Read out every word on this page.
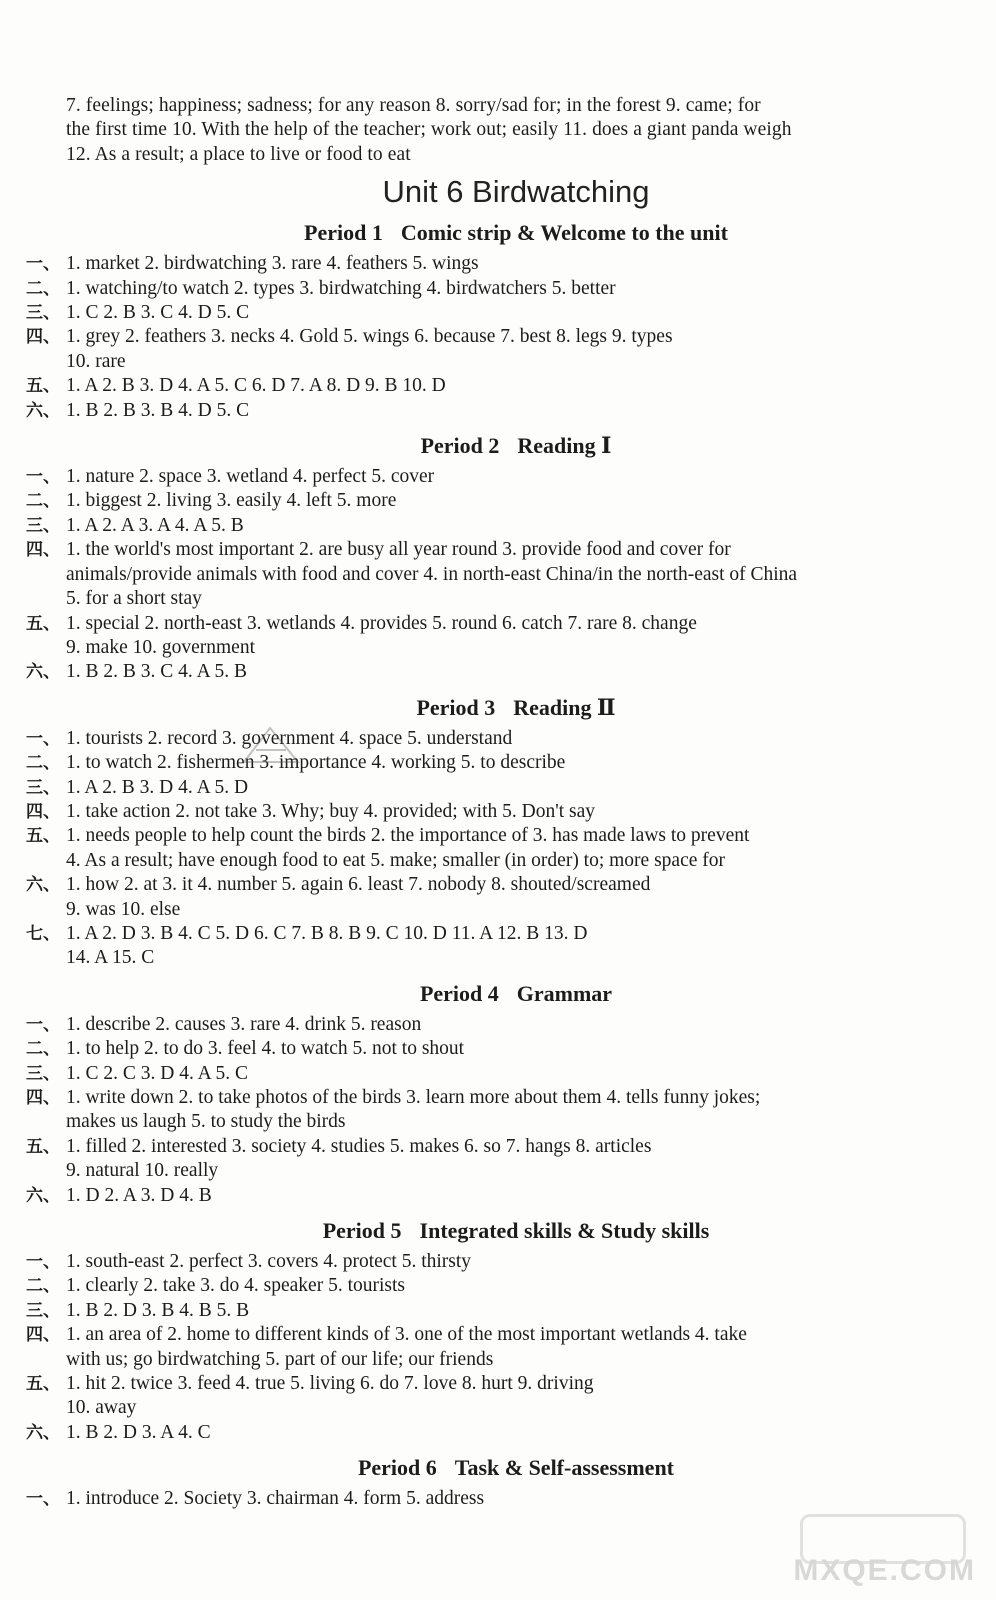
7. feelings; happiness; sadness; for any reason 8. sorry/sad for; in the forest 9. came; for
the first time 10. With the help of the teacher; work out; easily 11. does a giant panda weigh
12. As a result; a place to live or food to eat
Unit 6 Birdwatching
Period 1 Comic strip & Welcome to the unit
一、 1. market 2. birdwatching 3. rare 4. feathers 5. wings
二、 1. watching/to watch 2. types 3. birdwatching 4. birdwatchers 5. better
三、 1. C 2. B 3. C 4. D 5. C
四、 1. grey 2. feathers 3. necks 4. Gold 5. wings 6. because 7. best 8. legs 9. types
10. rare
五、 1. A 2. B 3. D 4. A 5. C 6. D 7. A 8. D 9. B 10. D
六、 1. B 2. B 3. B 4. D 5. C
Period 2 Reading Ⅰ
一、 1. nature 2. space 3. wetland 4. perfect 5. cover
二、 1. biggest 2. living 3. easily 4. left 5. more
三、 1. A 2. A 3. A 4. A 5. B
四、 1. the world's most important 2. are busy all year round 3. provide food and cover for
animals/provide animals with food and cover 4. in north-east China/in the north-east of China
5. for a short stay
五、 1. special 2. north-east 3. wetlands 4. provides 5. round 6. catch 7. rare 8. change
9. make 10. government
六、 1. B 2. B 3. C 4. A 5. B
Period 3 Reading Ⅱ
一、 1. tourists 2. record 3. government 4. space 5. understand
二、 1. to watch 2. fishermen 3. importance 4. working 5. to describe
三、 1. A 2. B 3. D 4. A 5. D
四、 1. take action 2. not take 3. Why; buy 4. provided; with 5. Don't say
五、 1. needs people to help count the birds 2. the importance of 3. has made laws to prevent
4. As a result; have enough food to eat 5. make; smaller (in order) to; more space for
六、 1. how 2. at 3. it 4. number 5. again 6. least 7. nobody 8. shouted/screamed
9. was 10. else
七、 1. A 2. D 3. B 4. C 5. D 6. C 7. B 8. B 9. C 10. D 11. A 12. B 13. D
14. A 15. C
Period 4 Grammar
一、 1. describe 2. causes 3. rare 4. drink 5. reason
二、 1. to help 2. to do 3. feel 4. to watch 5. not to shout
三、 1. C 2. C 3. D 4. A 5. C
四、 1. write down 2. to take photos of the birds 3. learn more about them 4. tells funny jokes;
makes us laugh 5. to study the birds
五、 1. filled 2. interested 3. society 4. studies 5. makes 6. so 7. hangs 8. articles
9. natural 10. really
六、 1. D 2. A 3. D 4. B
Period 5 Integrated skills & Study skills
一、 1. south-east 2. perfect 3. covers 4. protect 5. thirsty
二、 1. clearly 2. take 3. do 4. speaker 5. tourists
三、 1. B 2. D 3. B 4. B 5. B
四、 1. an area of 2. home to different kinds of 3. one of the most important wetlands 4. take
with us; go birdwatching 5. part of our life; our friends
五、 1. hit 2. twice 3. feed 4. true 5. living 6. do 7. love 8. hurt 9. driving
10. away
六、 1. B 2. D 3. A 4. C
Period 6 Task & Self-assessment
一、 1. introduce 2. Society 3. chairman 4. form 5. address
MXQE.COM
